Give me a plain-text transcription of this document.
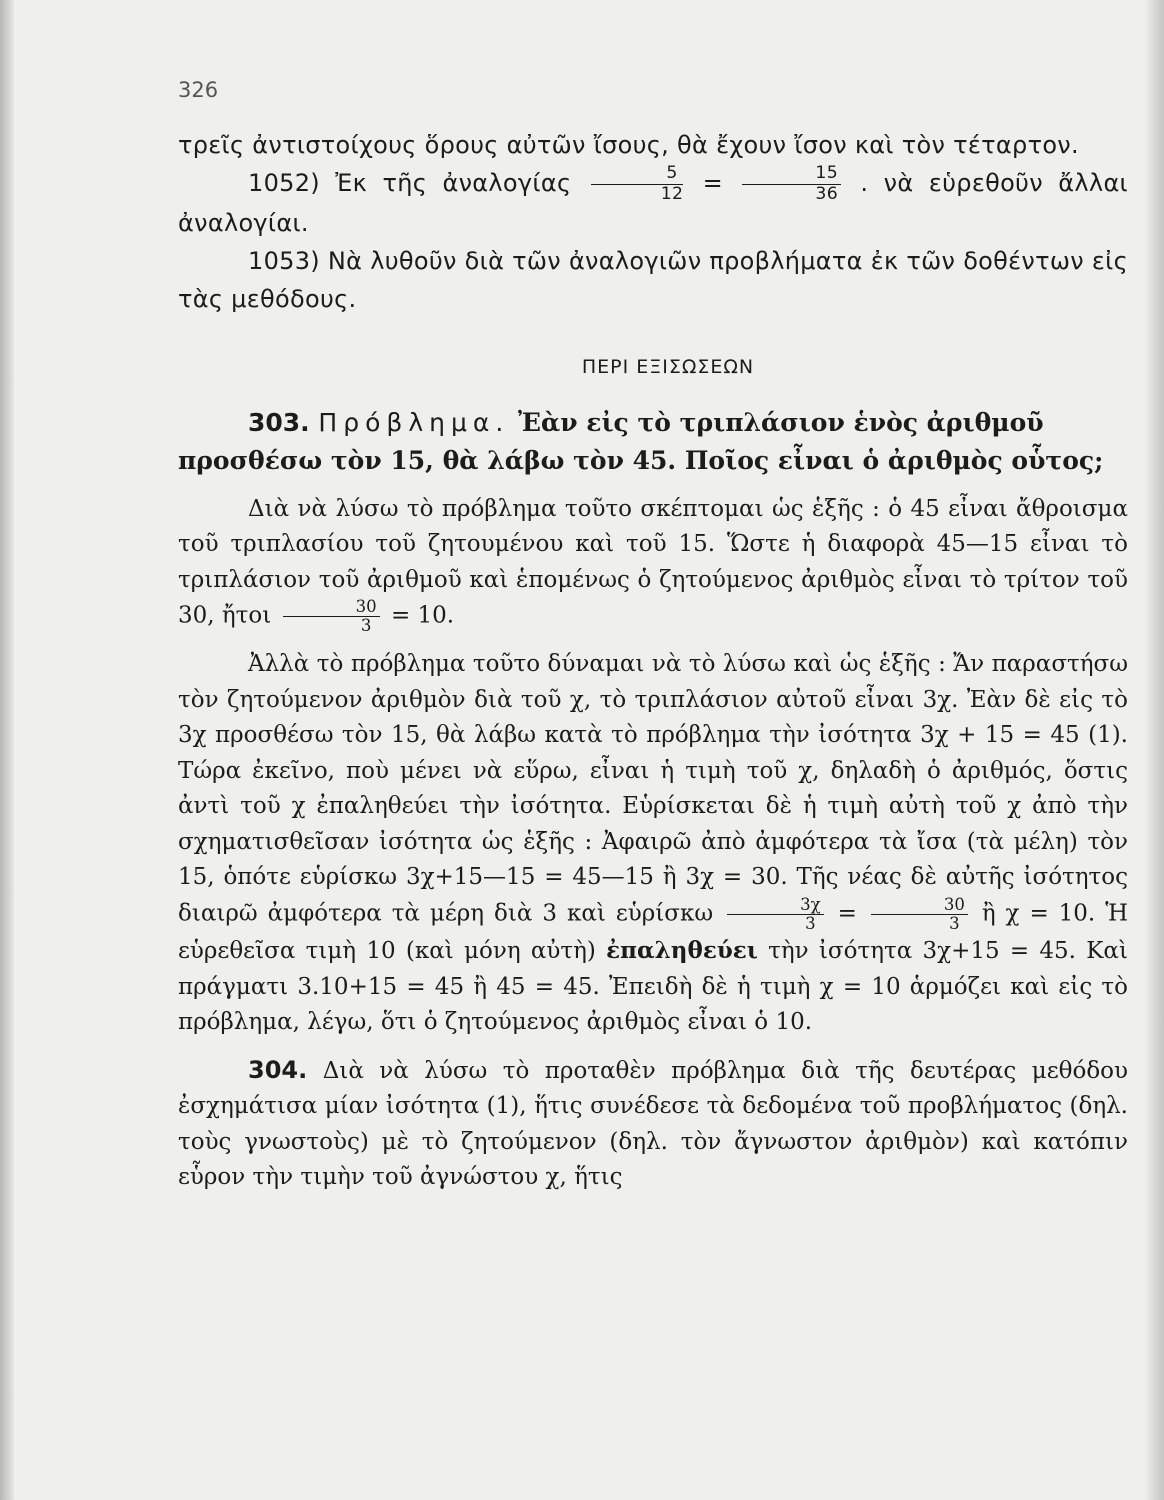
326

τρεῖς ἀντιστοίχους ὅρους αὐτῶν ἴσους, θὰ ἔχουν ἴσον καὶ τὸν τέταρτον.

1052) Ἐκ τῆς ἀναλογίας $\frac{5}{12} = \frac{15}{36}$ . νὰ εὑρεθοῦν ἄλλαι ἀναλογίαι.

1053) Νὰ λυθοῦν διὰ τῶν ἀναλογιῶν προβλήματα ἐκ τῶν δοθέντων εἰς τὰς μεθόδους.

ΠΕΡΙ ΕΞΙΣΩΣΕΩΝ

303. Πρόβλημα. Ἐὰν εἰς τὸ τριπλάσιον ἑνὸς ἀριθμοῦ προσθέσω τὸν 15, θὰ λάβω τὸν 45. Ποῖος εἶναι ὁ ἀριθμὸς οὗτος;

Διὰ νὰ λύσω τὸ πρόβλημα τοῦτο σκέπτομαι ὡς ἑξῆς : ὁ 45 εἶναι ἄθροισμα τοῦ τριπλασίου τοῦ ζητουμένου καὶ τοῦ 15. Ὥστε ἡ διαφορὰ 45—15 εἶναι τὸ τριπλάσιον τοῦ ἀριθμοῦ καὶ ἑπομένως ὁ ζητούμενος ἀριθμὸς εἶναι τὸ τρίτον τοῦ 30, ἤτοι $\frac{30}{3} = 10$.

Ἀλλὰ τὸ πρόβλημα τοῦτο δύναμαι νὰ τὸ λύσω καὶ ὡς ἑξῆς : Ἄν παραστήσω τὸν ζητούμενον ἀριθμὸν διὰ τοῦ χ, τὸ τριπλάσιον αὐτοῦ εἶναι 3χ. Ἐὰν δὲ εἰς τὸ 3χ προσθέσω τὸν 15, θὰ λάβω κατὰ τὸ πρόβλημα τὴν ἰσότητα 3χ + 15 = 45 (1). Τώρα ἐκεῖνο, ποὺ μένει νὰ εὕρω, εἶναι ἡ τιμὴ τοῦ χ, δηλαδὴ ὁ ἀριθμός, ὅστις ἀντὶ τοῦ χ ἐπαληθεύει τὴν ἰσότητα. Εὑρίσκεται δὲ ἡ τιμὴ αὐτὴ τοῦ χ ἀπὸ τὴν σχηματισθεῖσαν ἰσότητα ὡς ἑξῆς : Ἀφαιρῶ ἀπὸ ἀμφότερα τὰ ἴσα (τὰ μέλη) τὸν 15, ὁπότε εὑρίσκω 3χ+15—15 = 45—15 ἢ 3χ = 30. Τῆς νέας δὲ αὐτῆς ἰσότητος διαιρῶ ἀμφότερα τὰ μέρη διὰ 3 καὶ εὑρίσκω $\frac{3\chi}{3} = \frac{30}{3}$ ἢ χ = 10. Ἡ εὑρεθεῖσα τιμὴ 10 (καὶ μόνη αὐτὴ) ἐπαληθεύει τὴν ἰσότητα 3χ+15 = 45. Καὶ πράγματι 3.10+15 = 45 ἢ 45 = 45. Ἐπειδὴ δὲ ἡ τιμὴ χ = 10 ἁρμόζει καὶ εἰς τὸ πρόβλημα, λέγω, ὅτι ὁ ζητούμενος ἀριθμὸς εἶναι ὁ 10.

304. Διὰ νὰ λύσω τὸ προταθὲν πρόβλημα διὰ τῆς δευτέρας μεθόδου ἐσχημάτισα μίαν ἰσότητα (1), ἥτις συνέδεσε τὰ δεδομένα τοῦ προβλήματος (δηλ. τοὺς γνωστοὺς) μὲ τὸ ζητούμενον (δηλ. τὸν ἄγνωστον ἀριθμὸν) καὶ κατόπιν εὗρον τὴν τιμὴν τοῦ ἀγνώστου χ, ἥτις
